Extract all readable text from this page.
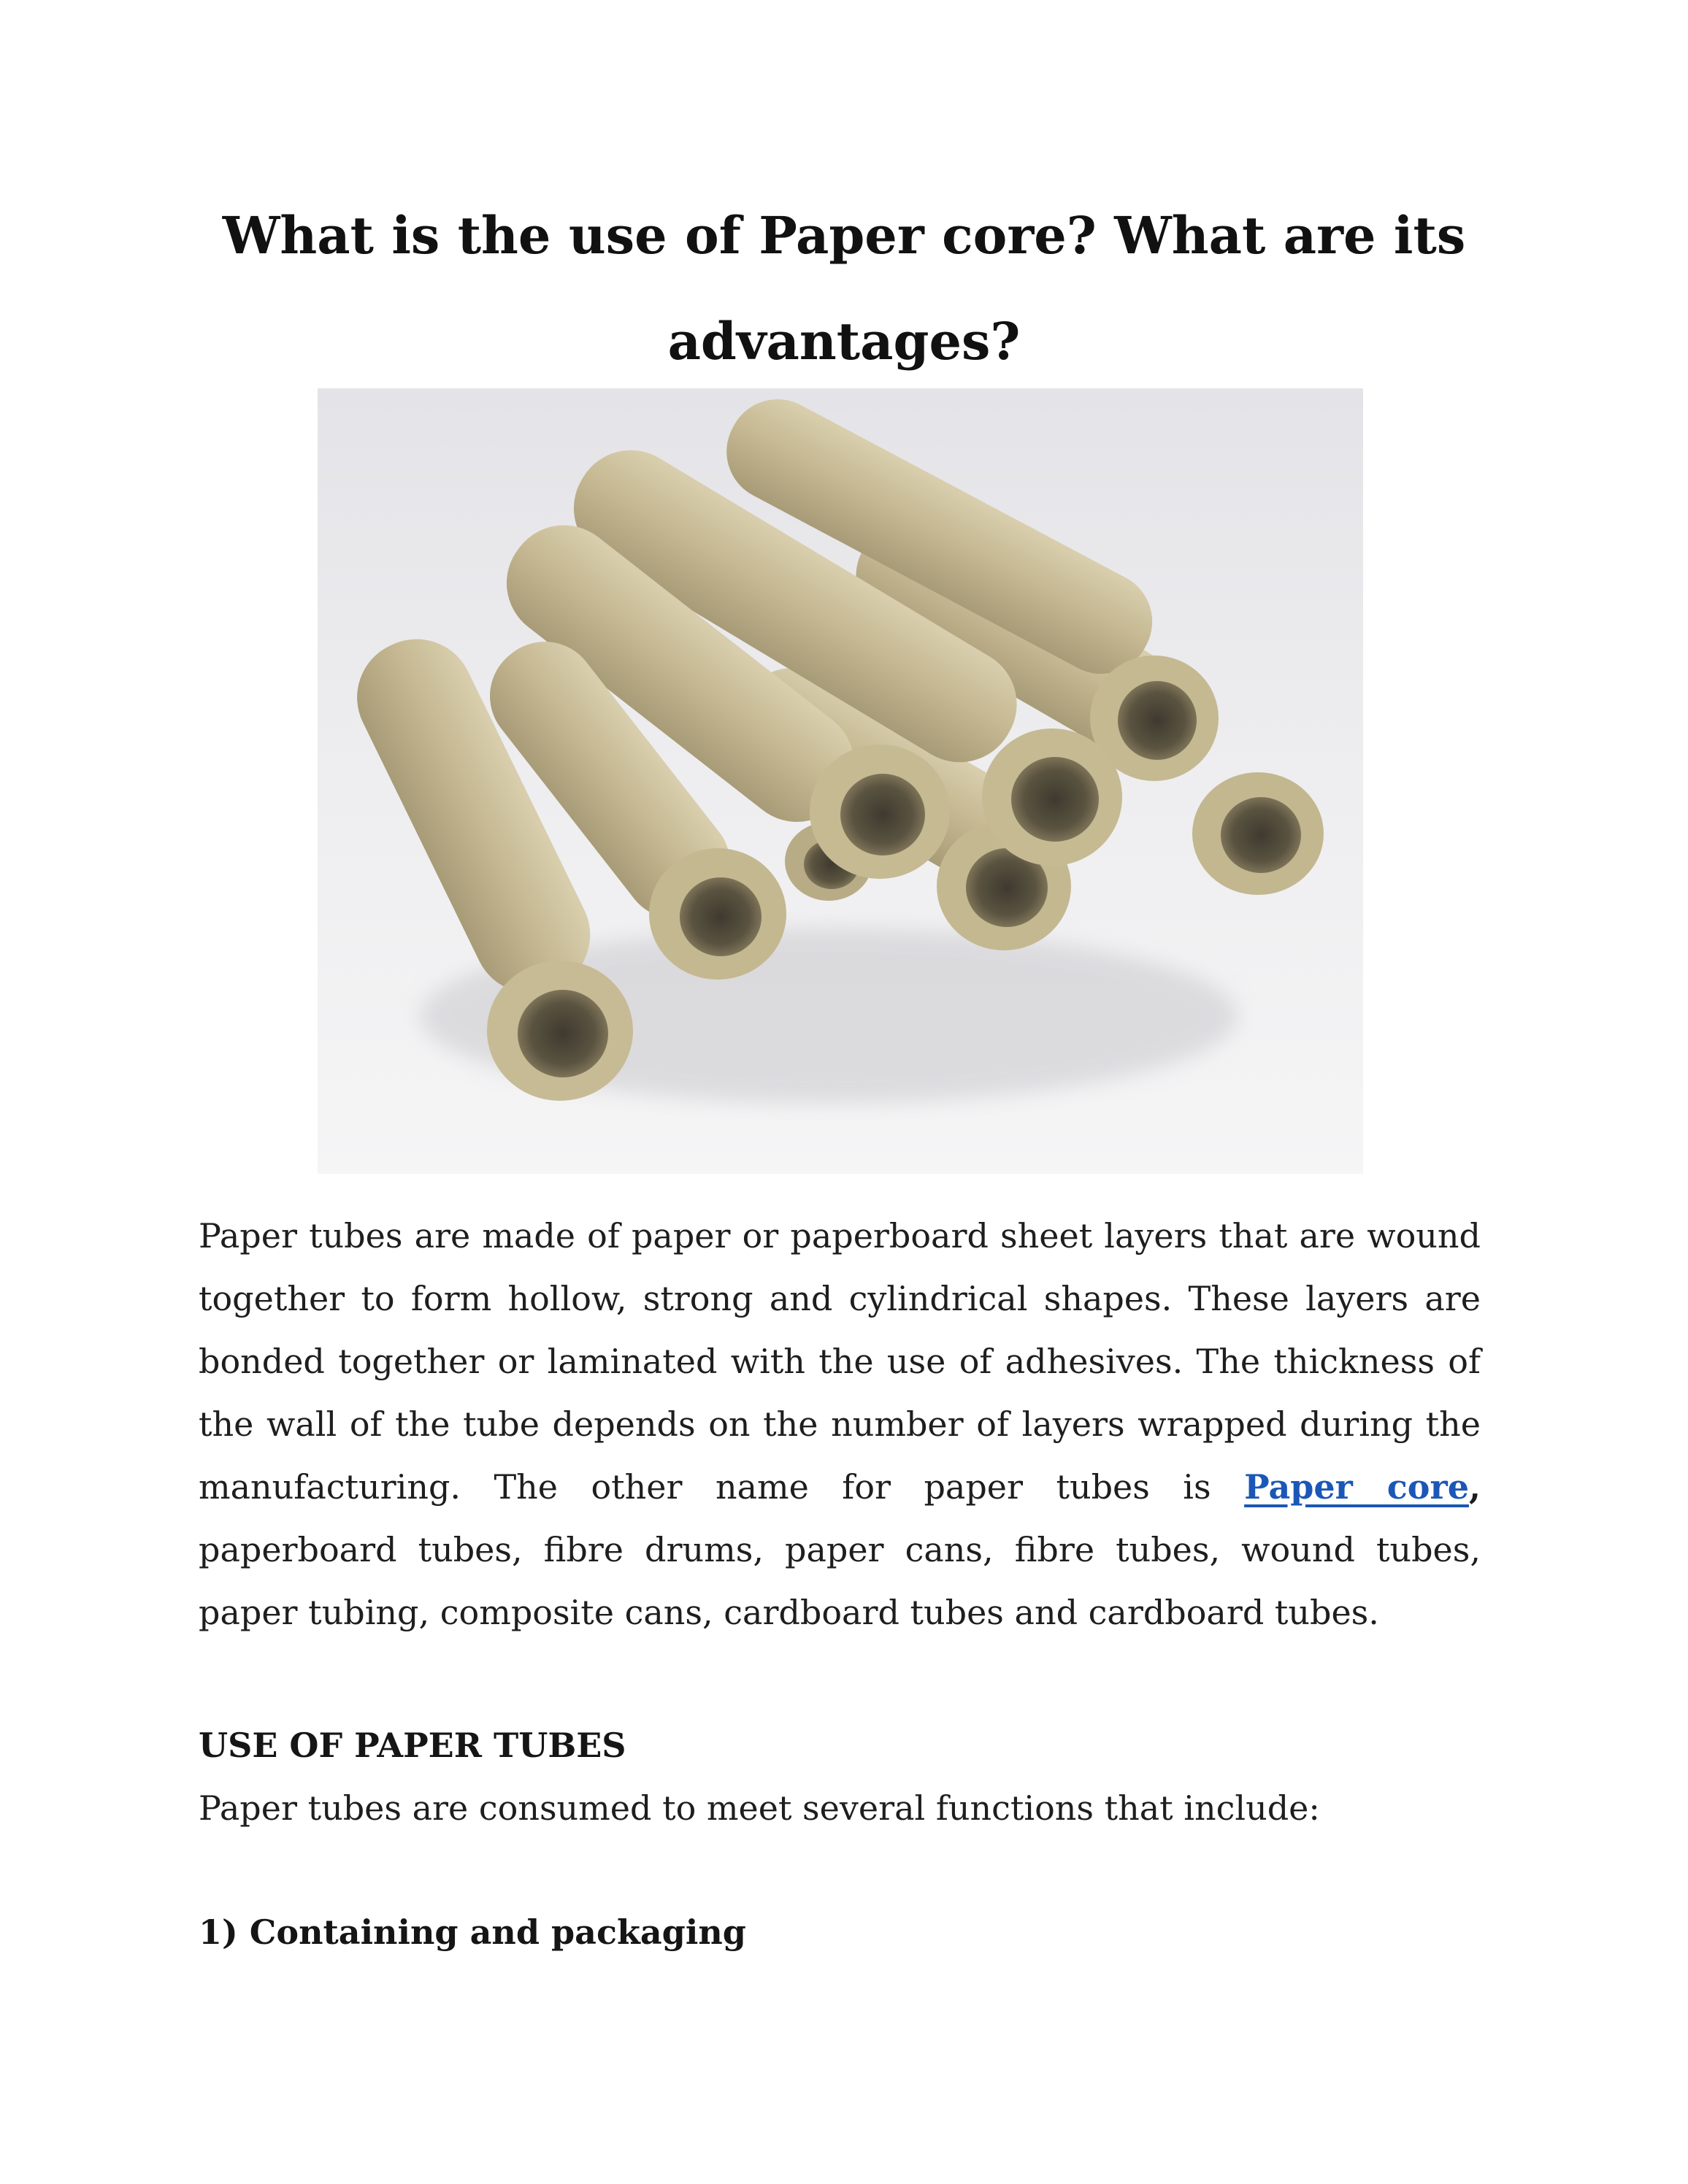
What is the use of Paper core? What are its advantages?

Paper tubes are made of paper or paperboard sheet layers that are wound together to form hollow, strong and cylindrical shapes. These layers are bonded together or laminated with the use of adhesives. The thickness of the wall of the tube depends on the number of layers wrapped during the manufacturing. The other name for paper tubes is Paper core, paperboard tubes, fibre drums, paper cans, fibre tubes, wound tubes, paper tubing, composite cans, cardboard tubes and cardboard tubes.

USE OF PAPER TUBES

Paper tubes are consumed to meet several functions that include:

1) Containing and packaging
